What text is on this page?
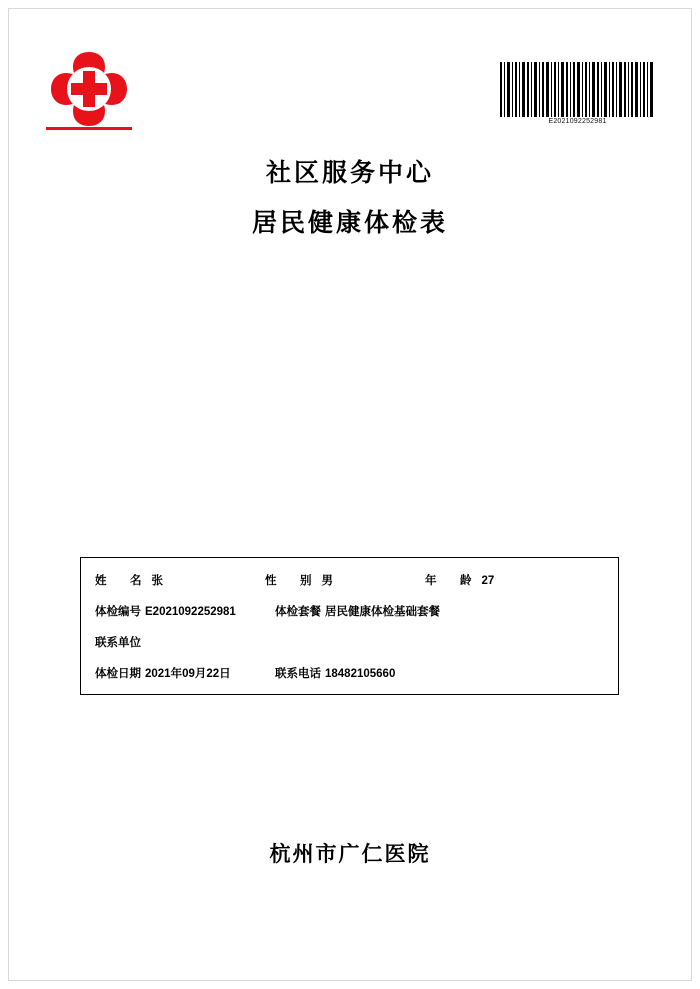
E2021092252981
社区服务中心
居民健康体检表
姓　名 张	性　别 男	年　龄 27
体检编号 E2021092252981	体检套餐 居民健康体检基础套餐
联系单位
体检日期 2021年09月22日	联系电话 18482105660
杭州市广仁医院
